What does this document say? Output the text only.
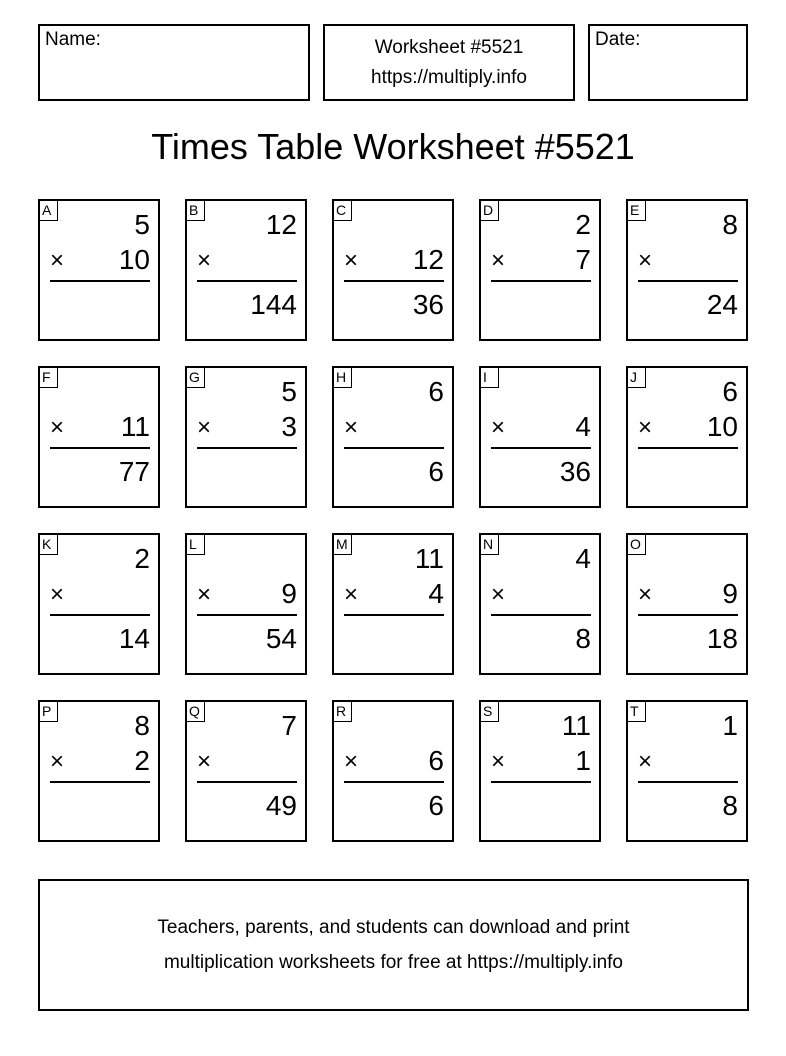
Name:	Worksheet #5521
https://multiply.info
Date:
Times Table Worksheet #5521
A	5
× 10
B 12
×
144
C
× 12
36
D	2
×	7
E	8
×
24
F
× 11
77
G	5
×	3
H	6
×
6
I
×	4
36
J	6
× 10
K	2
×
14
L
×	9
54
M 11
×	4
N	4
×
8
O
×	9
18
P	8
×	2
Q	7
×
49
R
×	6
6
S 11
×	1
T	1
×
8
Teachers, parents, and students can download and print
multiplication worksheets for free at https://multiply.info
